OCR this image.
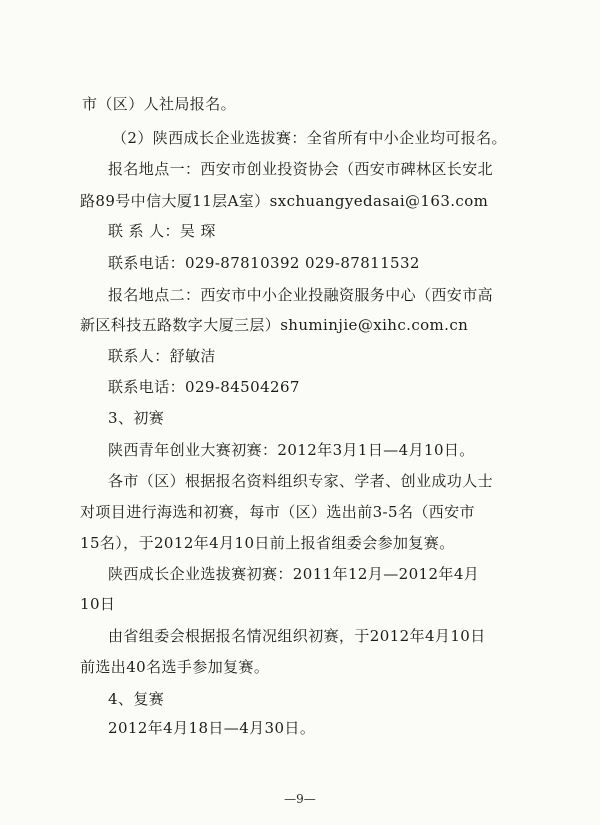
市（区）人社局报名。
（2）陕西成长企业选拔赛：全省所有中小企业均可报名。
报名地点一：西安市创业投资协会（西安市碑林区长安北
路89号中信大厦11层A室）sxchuangyedasai@163.com
联 系 人：吴 琛
联系电话：029-87810392 029-87811532
报名地点二：西安市中小企业投融资服务中心（西安市高
新区科技五路数字大厦三层）shuminjie@xihc.com.cn
联系人：舒敏洁
联系电话：029-84504267
3、初赛
陕西青年创业大赛初赛：2012年3月1日—4月10日。
各市（区）根据报名资料组织专家、学者、创业成功人士
对项目进行海选和初赛，每市（区）选出前3-5名（西安市
15名），于2012年4月10日前上报省组委会参加复赛。
陕西成长企业选拔赛初赛：2011年12月—2012年4月
10日
由省组委会根据报名情况组织初赛，于2012年4月10日
前选出40名选手参加复赛。
4、复赛
2012年4月18日—4月30日。
—9—
